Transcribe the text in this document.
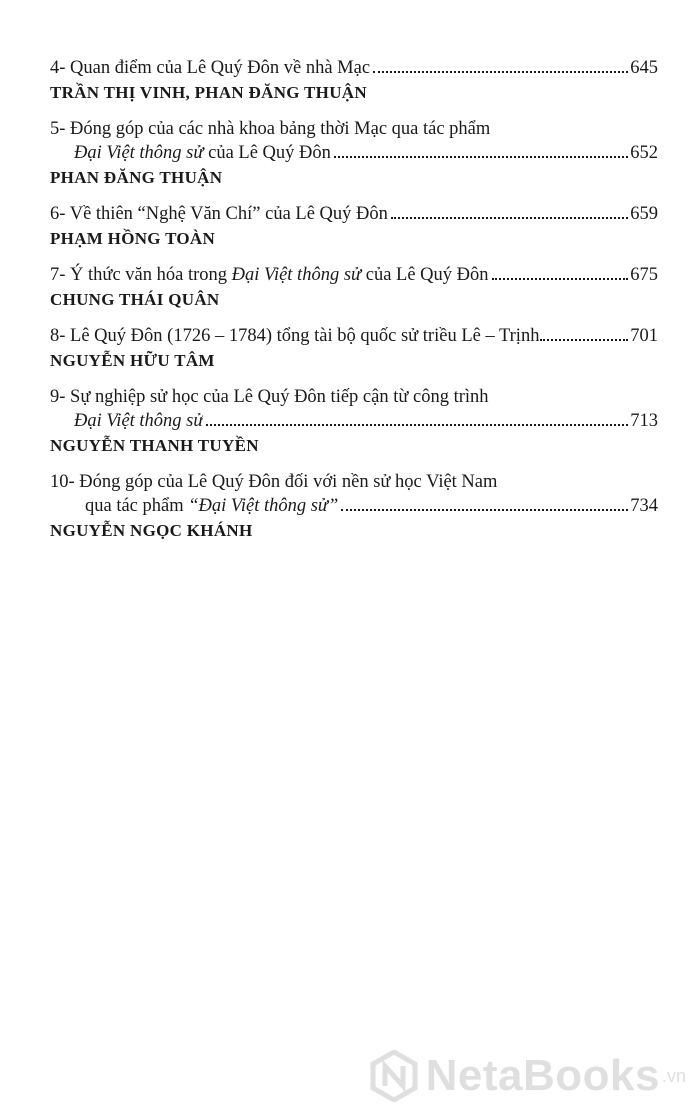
4- Quan điểm của Lê Quý Đôn về nhà Mạc	645
TRẦN THỊ VINH, PHAN ĐĂNG THUẬN
5- Đóng góp của các nhà khoa bảng thời Mạc qua tác phẩm
Đại Việt thông sử của Lê Quý Đôn	652
PHAN ĐĂNG THUẬN
6- Về thiên “Nghệ Văn Chí” của Lê Quý Đôn	659
PHẠM HỒNG TOÀN
7- Ý thức văn hóa trong Đại Việt thông sử của Lê Quý Đôn	675
CHUNG THÁI QUÂN
8- Lê Quý Đôn (1726 – 1784) tổng tài bộ quốc sử triều Lê – Trịnh	701
NGUYỄN HỮU TÂM
9- Sự nghiệp sử học của Lê Quý Đôn tiếp cận từ công trình
Đại Việt thông sử	713
NGUYỄN THANH TUYỀN
10- Đóng góp của Lê Quý Đôn đối với nền sử học Việt Nam
qua tác phẩm “Đại Việt thông sử”	734
NGUYỄN NGỌC KHÁNH
NetaBooks .vn
